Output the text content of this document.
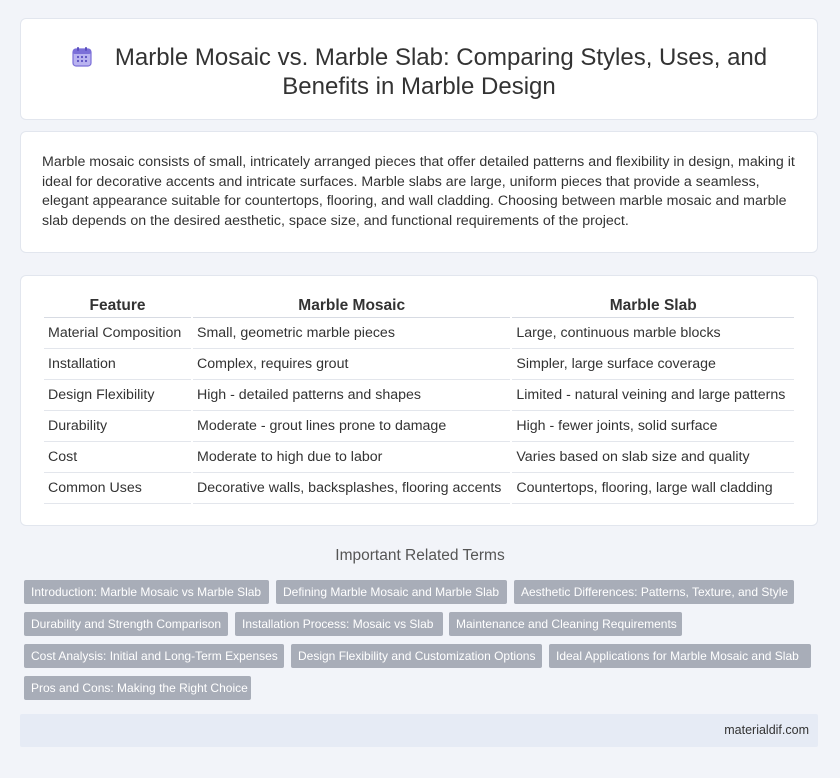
Marble Mosaic vs. Marble Slab: Comparing Styles, Uses, and
Benefits in Marble Design
Marble mosaic consists of small, intricately arranged pieces that offer detailed patterns and flexibility in design, making it ideal for decorative accents and intricate surfaces. Marble slabs are large, uniform pieces that provide a seamless, elegant appearance suitable for countertops, flooring, and wall cladding. Choosing between marble mosaic and marble slab depends on the desired aesthetic, space size, and functional requirements of the project.
Feature	Marble Mosaic	Marble Slab
Material Composition	Small, geometric marble pieces	Large, continuous marble blocks
Installation	Complex, requires grout	Simpler, large surface coverage
Design Flexibility	High - detailed patterns and shapes	Limited - natural veining and large patterns
Durability	Moderate - grout lines prone to damage	High - fewer joints, solid surface
Cost	Moderate to high due to labor	Varies based on slab size and quality
Common Uses	Decorative walls, backsplashes, flooring accents	Countertops, flooring, large wall cladding
Important Related Terms
Introduction: Marble Mosaic vs Marble Slab	Defining Marble Mosaic and Marble Slab	Aesthetic Differences: Patterns, Texture, and Style
Durability and Strength Comparison	Installation Process: Mosaic vs Slab	Maintenance and Cleaning Requirements
Cost Analysis: Initial and Long-Term Expenses	Design Flexibility and Customization Options	Ideal Applications for Marble Mosaic and Slab
Pros and Cons: Making the Right Choice
materialdif.com
